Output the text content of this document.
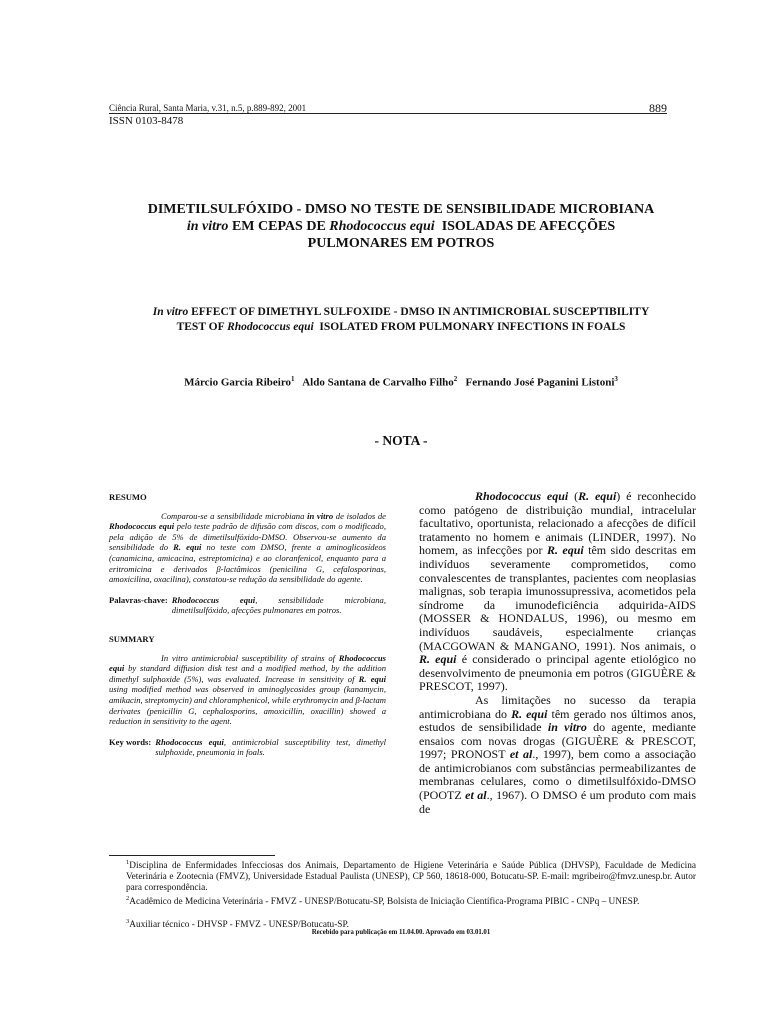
Ciência Rural, Santa Maria, v.31, n.5, p.889-892, 2001	889
ISSN 0103-8478
DIMETILSULFÓXIDO - DMSO NO TESTE DE SENSIBILIDADE MICROBIANA
in vitro EM CEPAS DE Rhodococcus equi  ISOLADAS DE AFECÇÕES
PULMONARES EM POTROS
In vitro EFFECT OF DIMETHYL SULFOXIDE - DMSO IN ANTIMICROBIAL SUSCEPTIBILITY
TEST OF Rhodococcus equi  ISOLATED FROM PULMONARY INFECTIONS IN FOALS
Márcio Garcia Ribeiro$^1$ Aldo Santana de Carvalho Filho$^2$ Fernando José Paganini Listoni$^3$
- NOTA -
RESUMO

Comparou-se a sensibilidade microbiana in vitro de isolados de Rhodococcus equi pelo teste padrão de difusão com discos, com o modificado, pela adição de 5% de dimetilsulfóxido-DMSO. Observou-se aumento da sensibilidade do R. equi no teste com DMSO, frente a aminoglicosídeos (canamicina, amicacina, estreptomicina) e ao cloranfenicol, enquanto para a eritromicina e derivados β-lactâmicos (penicilina G, cefalosporinas, amoxicilina, oxacilina), constatou-se redução da sensibilidade do agente.

Palavras-chave: Rhodococcus equi, sensibilidade microbiana, dimetilsulfóxido, afecções pulmonares em potros.
SUMMARY

In vitro antimicrobial susceptibility of strains of Rhodococcus equi by standard diffusion disk test and a modified method, by the addition dimethyl sulphoxide (5%), was evaluated. Increase in sensitivity of R. equi using modified method was observed in aminoglycosides group (kanamycin, amikacin, streptomycin) and chloramphenicol, while erythromycin and β-lactam derivates (penicillin G, cephalosporins, amoxicillin, oxacillin) showed a reduction in sensitivity to the agent.

Key words: Rhodococcus equi, antimicrobial susceptibility test, dimethyl sulphoxide, pneumonia in foals.

Rhodococcus equi (R. equi) é reconhecido como patógeno de distribuição mundial, intracelular facultativo, oportunista, relacionado a afecções de difícil tratamento no homem e animais (LINDER, 1997). No homem, as infecções por R. equi têm sido descritas em indivíduos severamente comprometidos, como convalescentes de transplantes, pacientes com neoplasias malignas, sob terapia imunossupressiva, acometidos pela síndrome da imunodeficiência adquirida-AIDS (MOSSER & HONDALUS, 1996), ou mesmo em indivíduos saudáveis, especialmente crianças (MACGOWAN & MANGANO, 1991). Nos animais, o R. equi é considerado o principal agente etiológico no desenvolvimento de pneumonia em potros (GIGUÈRE & PRESCOT, 1997).

As limitações no sucesso da terapia antimicrobiana do R. equi têm gerado nos últimos anos, estudos de sensibilidade in vitro do agente, mediante ensaios com novas drogas (GIGUÈRE & PRESCOT, 1997; PRONOST et al., 1997), bem como a associação de antimicrobianos com substâncias permeabilizantes de membranas celulares, como o dimetilsulfóxido-DMSO (POOTZ et al., 1967). O DMSO é um produto com mais de

$^1$Disciplina de Enfermidades Infecciosas dos Animais, Departamento de Higiene Veterinária e Saúde Pública (DHVSP), Faculdade de Medicina Veterinária e Zootecnia (FMVZ), Universidade Estadual Paulista (UNESP), CP 560, 18618-000, Botucatu-SP. E-mail: mgribeiro@fmvz.unesp.br. Autor para correspondência.
$^2$Acadêmico de Medicina Veterinária - FMVZ - UNESP/Botucatu-SP, Bolsista de Iniciação Científica-Programa PIBIC - CNPq – UNESP.
$^3$Auxiliar técnico - DHVSP - FMVZ - UNESP/Botucatu-SP.
Recebido para publicação em 11.04.00. Aprovado em 03.01.01
